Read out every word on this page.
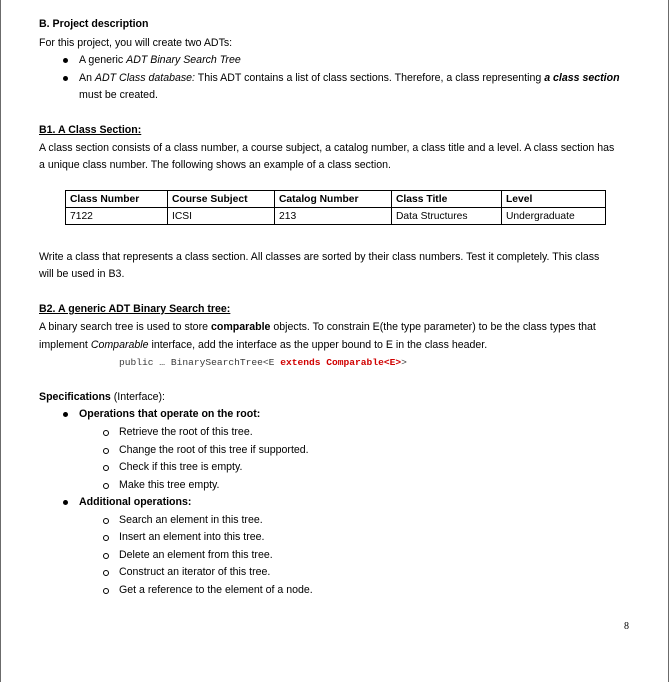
B. Project description
For this project, you will create two ADTs:
A generic ADT Binary Search Tree
An ADT Class database: This ADT contains a list of class sections. Therefore, a class representing a class section
must be created.
B1. A Class Section:
A class section consists of a class number, a course subject, a catalog number, a class title and a level. A class section has
a unique class number. The following shows an example of a class section.
Class Number	Course Subject	Catalog Number	Class Title	Level
7122	ICSI	213	Data Structures	Undergraduate
Write a class that represents a class section. All classes are sorted by their class numbers. Test it completely. This class
will be used in B3.
B2. A generic ADT Binary Search tree:
A binary search tree is used to store comparable objects. To constrain E(the type parameter) to be the class types that
implement Comparable interface, add the interface as the upper bound to E in the class header.
public … BinarySearchTree<E extends Comparable<E>>
Specifications (Interface):
Operations that operate on the root:
Retrieve the root of this tree.
Change the root of this tree if supported.
Check if this tree is empty.
Make this tree empty.
Additional operations:
Search an element in this tree.
Insert an element into this tree.
Delete an element from this tree.
Construct an iterator of this tree.
Get a reference to the element of a node.
8
